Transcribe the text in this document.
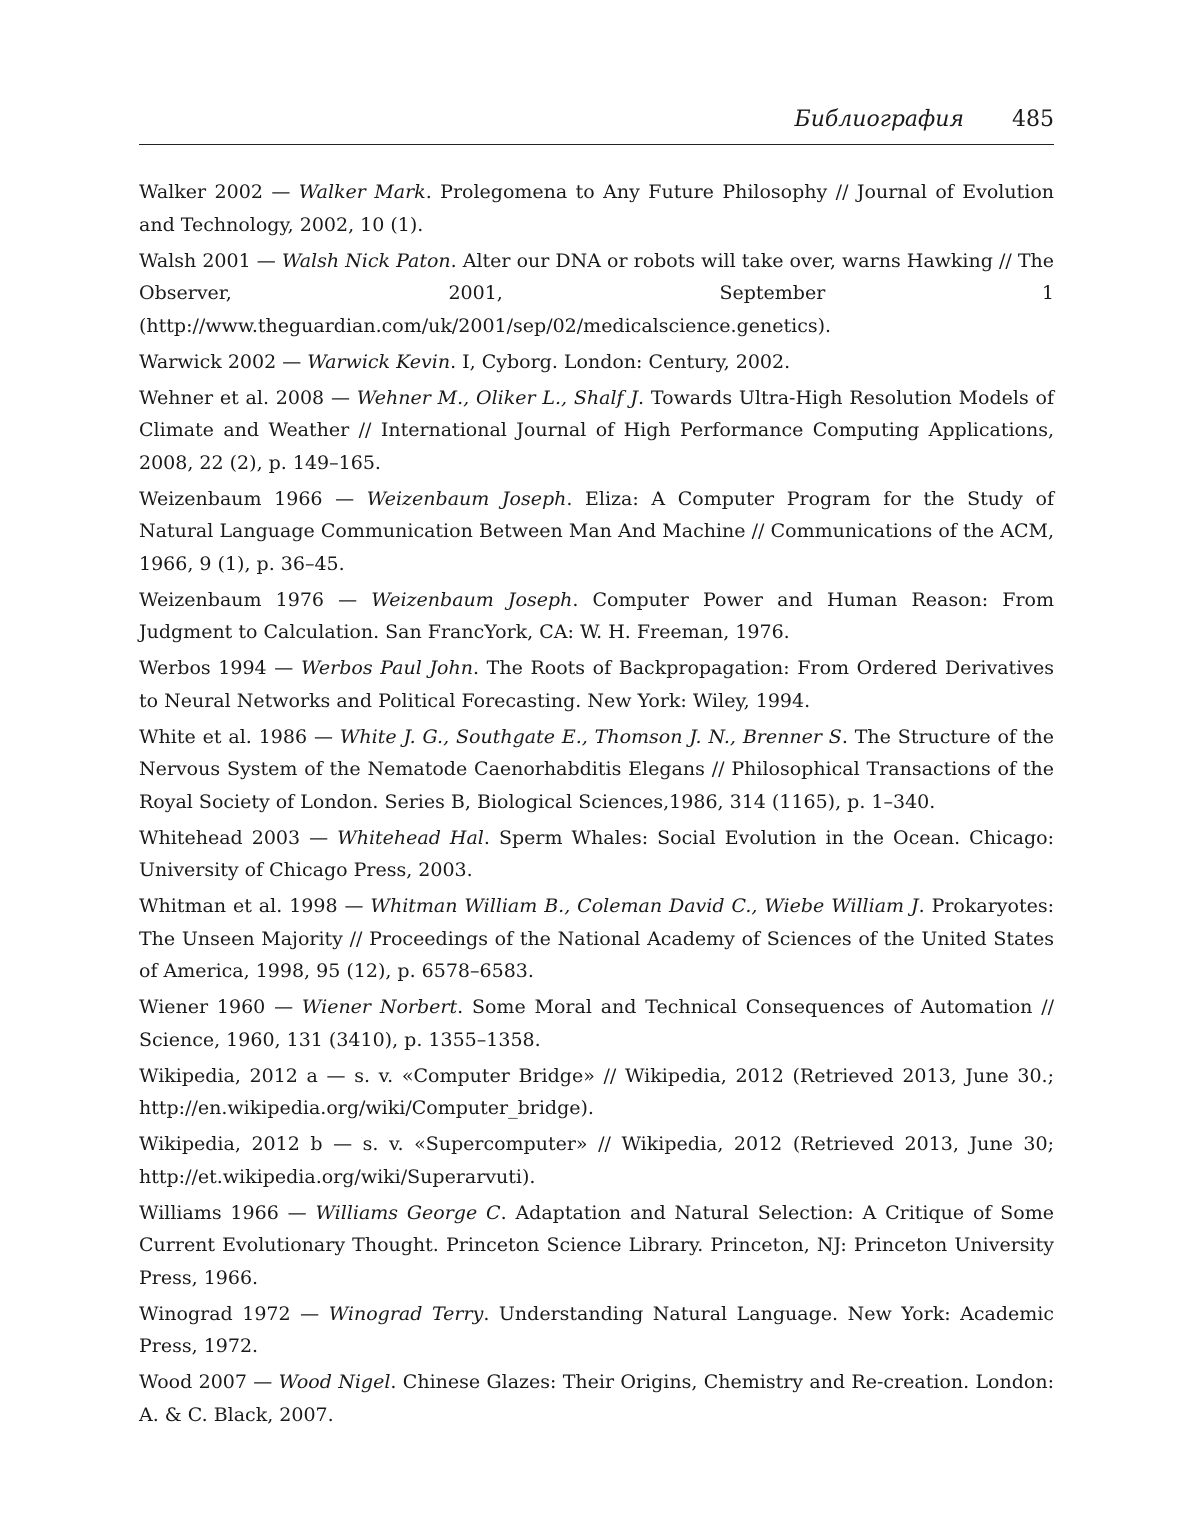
Библиография 485
Walker 2002 — Walker Mark. Prolegomena to Any Future Philosophy // Journal of Evolution and Technology, 2002, 10 (1).
Walsh 2001 — Walsh Nick Paton. Alter our DNA or robots will take over, warns Hawking // The Observer, 2001, September 1 (http://www.theguardian.com/uk/2001/sep/02/medicalscience.genetics).
Warwick 2002 — Warwick Kevin. I, Cyborg. London: Century, 2002.
Wehner et al. 2008 — Wehner M., Oliker L., Shalf J. Towards Ultra-High Resolution Models of Climate and Weather // International Journal of High Performance Computing Applications, 2008, 22 (2), p. 149–165.
Weizenbaum 1966 — Weizenbaum Joseph. Eliza: A Computer Program for the Study of Natural Language Communication Between Man And Machine // Communications of the ACM, 1966, 9 (1), p. 36–45.
Weizenbaum 1976 — Weizenbaum Joseph. Computer Power and Human Reason: From Judgment to Calculation. San FrancYork, CA: W. H. Freeman, 1976.
Werbos 1994 — Werbos Paul John. The Roots of Backpropagation: From Ordered Derivatives to Neural Networks and Political Forecasting. New York: Wiley, 1994.
White et al. 1986 — White J. G., Southgate E., Thomson J. N., Brenner S. The Structure of the Nervous System of the Nematode Caenorhabditis Elegans // Philosophical Transactions of the Royal Society of London. Series B, Biological Sciences,1986, 314 (1165), p. 1–340.
Whitehead 2003 — Whitehead Hal. Sperm Whales: Social Evolution in the Ocean. Chicago: University of Chicago Press, 2003.
Whitman et al. 1998 — Whitman William B., Coleman David C., Wiebe William J. Prokaryotes: The Unseen Majority // Proceedings of the National Academy of Sciences of the United States of America, 1998, 95 (12), p. 6578–6583.
Wiener 1960 — Wiener Norbert. Some Moral and Technical Consequences of Automation // Science, 1960, 131 (3410), p. 1355–1358.
Wikipedia, 2012 a — s. v. «Computer Bridge» // Wikipedia, 2012 (Retrieved 2013, June 30.; http://en.wikipedia.org/wiki/Computer_bridge).
Wikipedia, 2012 b — s. v. «Supercomputer» // Wikipedia, 2012 (Retrieved 2013, June 30; http://et.wikipedia.org/wiki/Superarvuti).
Williams 1966 — Williams George C. Adaptation and Natural Selection: A Critique of Some Current Evolutionary Thought. Princeton Science Library. Princeton, NJ: Princeton University Press, 1966.
Winograd 1972 — Winograd Terry. Understanding Natural Language. New York: Academic Press, 1972.
Wood 2007 — Wood Nigel. Chinese Glazes: Their Origins, Chemistry and Re-creation. London: A. & C. Black, 2007.
